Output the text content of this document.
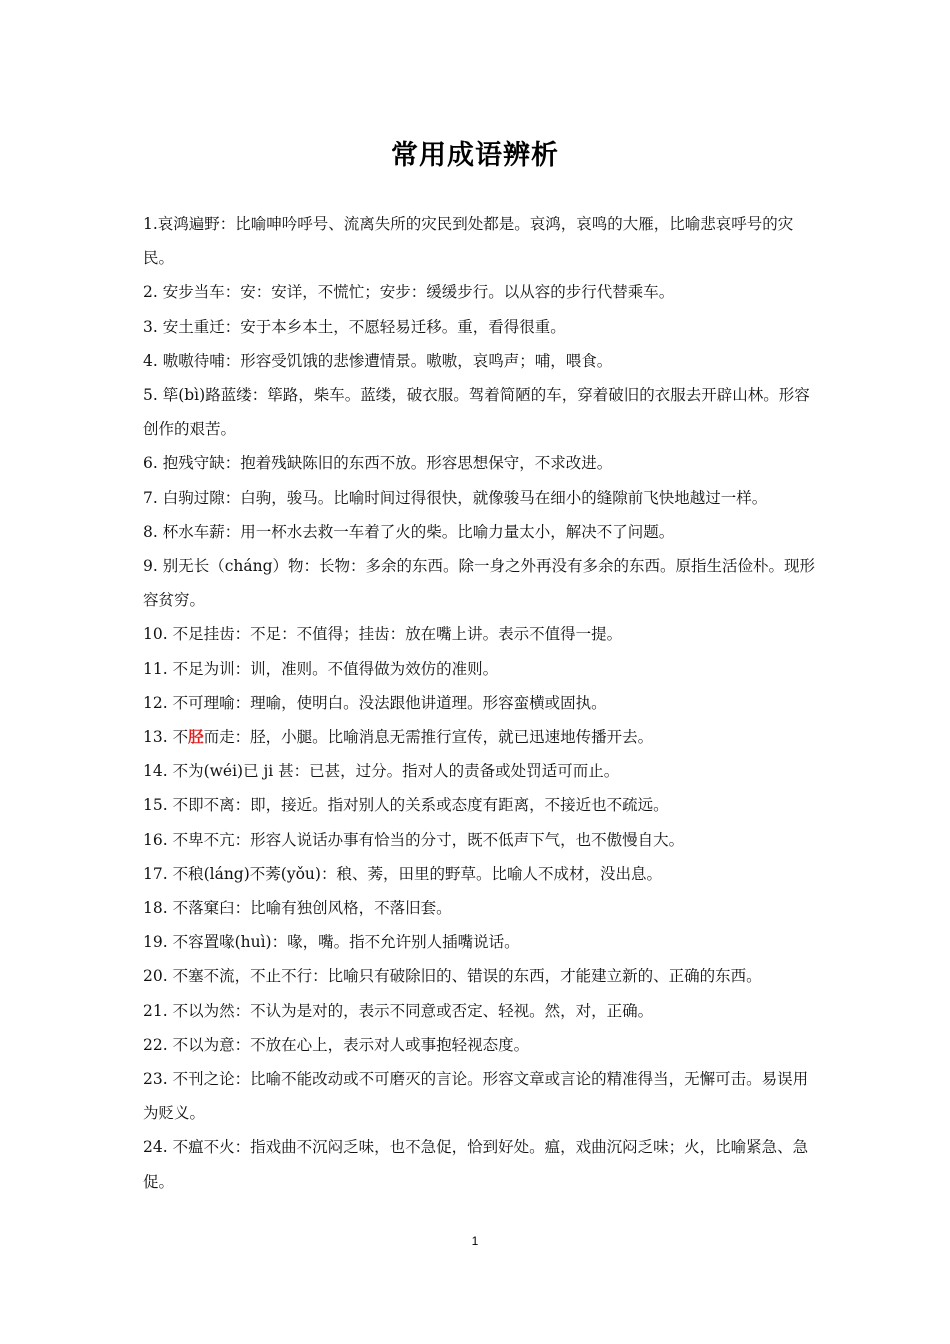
常用成语辨析

1.哀鸿遍野：比喻呻吟呼号、流离失所的灾民到处都是。哀鸿，哀鸣的大雁，比喻悲哀呼号的灾民。

2. 安步当车：安：安详，不慌忙；安步：缓缓步行。以从容的步行代替乘车。

3. 安土重迁：安于本乡本土，不愿轻易迁移。重，看得很重。

4. 嗷嗷待哺：形容受饥饿的悲惨遭情景。嗷嗷，哀鸣声；哺，喂食。

5. 筚(bì)路蓝缕：筚路，柴车。蓝缕，破衣服。驾着简陋的车，穿着破旧的衣服去开辟山林。形容创作的艰苦。

6. 抱残守缺：抱着残缺陈旧的东西不放。形容思想保守，不求改进。

7. 白驹过隙：白驹，骏马。比喻时间过得很快，就像骏马在细小的缝隙前飞快地越过一样。

8. 杯水车薪：用一杯水去救一车着了火的柴。比喻力量太小，解决不了问题。

9. 别无长（cháng）物：长物：多余的东西。除一身之外再没有多余的东西。原指生活俭朴。现形容贫穷。

10. 不足挂齿：不足：不值得；挂齿：放在嘴上讲。表示不值得一提。

11. 不足为训：训，准则。不值得做为效仿的准则。

12. 不可理喻：理喻，使明白。没法跟他讲道理。形容蛮横或固执。

13. 不胫而走：胫，小腿。比喻消息无需推行宣传，就已迅速地传播开去。

14. 不为(wéi)已 ji 甚：已甚，过分。指对人的责备或处罚适可而止。

15. 不即不离：即，接近。指对别人的关系或态度有距离，不接近也不疏远。

16. 不卑不亢：形容人说话办事有恰当的分寸，既不低声下气，也不傲慢自大。

17. 不稂(láng)不莠(yǒu)：稂、莠，田里的野草。比喻人不成材，没出息。

18. 不落窠臼：比喻有独创风格，不落旧套。

19. 不容置喙(huì)：喙，嘴。指不允许别人插嘴说话。

20. 不塞不流，不止不行：比喻只有破除旧的、错误的东西，才能建立新的、正确的东西。

21. 不以为然：不认为是对的，表示不同意或否定、轻视。然，对，正确。

22. 不以为意：不放在心上，表示对人或事抱轻视态度。

23. 不刊之论：比喻不能改动或不可磨灭的言论。形容文章或言论的精准得当，无懈可击。易误用为贬义。

24. 不瘟不火：指戏曲不沉闷乏味，也不急促，恰到好处。瘟，戏曲沉闷乏味；火，比喻紧急、急促。

1
